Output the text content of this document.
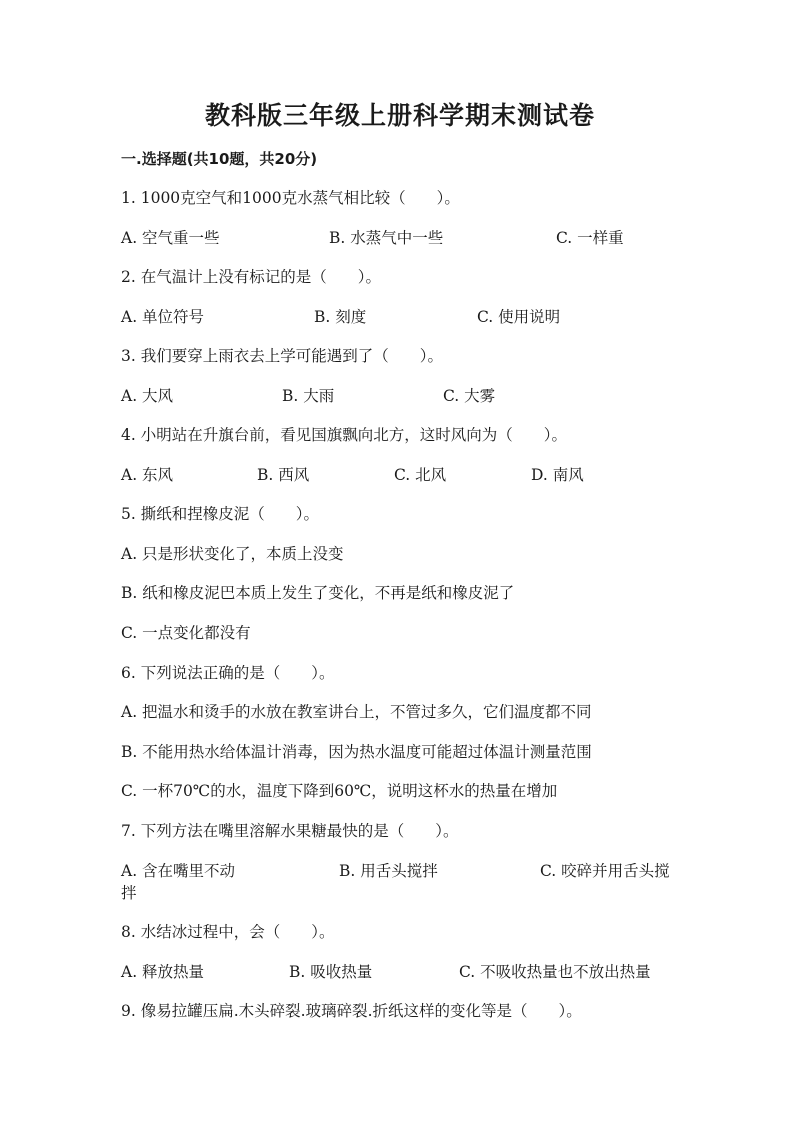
教科版三年级上册科学期末测试卷
一.选择题(共10题，共20分)
1. 1000克空气和1000克水蒸气相比较（　　）。
A. 空气重一些	B. 水蒸气中一些	C. 一样重
2. 在气温计上没有标记的是（　　）。
A. 单位符号	B. 刻度	C. 使用说明
3. 我们要穿上雨衣去上学可能遇到了（　　）。
A. 大风	B. 大雨	C. 大雾
4. 小明站在升旗台前，看见国旗飘向北方，这时风向为（　　）。
A. 东风	B. 西风	C. 北风	D. 南风
5. 撕纸和捏橡皮泥（　　）。
A. 只是形状变化了，本质上没变
B. 纸和橡皮泥巴本质上发生了变化，不再是纸和橡皮泥了
C. 一点变化都没有
6. 下列说法正确的是（　　）。
A. 把温水和烫手的水放在教室讲台上，不管过多久，它们温度都不同
B. 不能用热水给体温计消毒，因为热水温度可能超过体温计测量范围
C. 一杯70℃的水，温度下降到60℃，说明这杯水的热量在增加
7. 下列方法在嘴里溶解水果糖最快的是（　　）。
A. 含在嘴里不动	B. 用舌头搅拌	C. 咬碎并用舌头搅
拌
8. 水结冰过程中，会（　　）。
A. 释放热量	B. 吸收热量	C. 不吸收热量也不放出热量
9. 像易拉罐压扁.木头碎裂.玻璃碎裂.折纸这样的变化等是（　　）。
